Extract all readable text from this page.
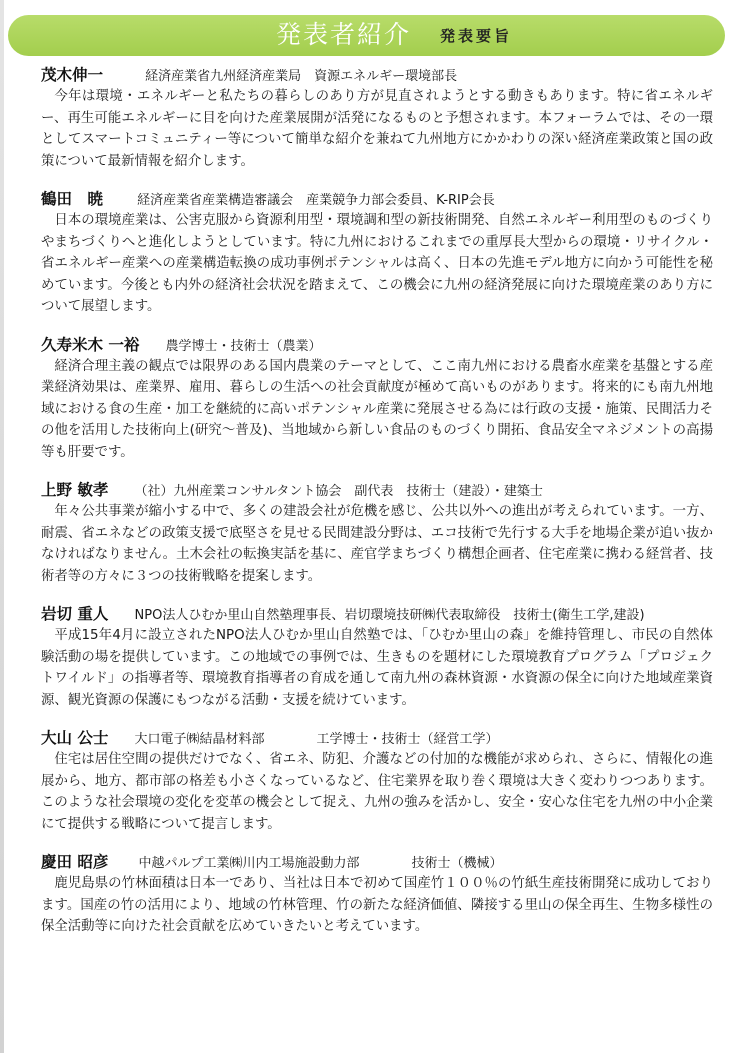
発表者紹介 発表要旨
茂木伸一	経済産業省九州経済産業局　資源エネルギー環境部長

今年は環境・エネルギーと私たちの暮らしのあり方が見直されようとする動きもあります。特に省エネルギー、再生可能エネルギーに目を向けた産業展開が活発になるものと予想されます。本フォーラムでは、その一環としてスマートコミュニティー等について簡単な紹介を兼ねて九州地方にかかわりの深い経済産業政策と国の政策について最新情報を紹介します。

鶴田　暁	経済産業省産業構造審議会　産業競争力部会委員、K-RIP会長

日本の環境産業は、公害克服から資源利用型・環境調和型の新技術開発、自然エネルギー利用型のものづくりやまちづくりへと進化しようとしています。特に九州におけるこれまでの重厚長大型からの環境・リサイクル・省エネルギー産業への産業構造転換の成功事例ポテンシャルは高く、日本の先進モデル地方に向かう可能性を秘めています。今後とも内外の経済社会状況を踏まえて、この機会に九州の経済発展に向けた環境産業のあり方について展望します。

久寿米木 一裕 農学博士・技術士（農業）

経済合理主義の観点では限界のある国内農業のテーマとして、ここ南九州における農畜水産業を基盤とする産業経済効果は、産業界、雇用、暮らしの生活への社会貢献度が極めて高いものがあります。将来的にも南九州地域における食の生産・加工を継続的に高いポテンシャル産業に発展させる為には行政の支援・施策、民間活力その他を活用した技術向上(研究～普及)、当地域から新しい食品のものづくり開拓、食品安全マネジメントの高揚等も肝要です。

上野 敏孝 （社）九州産業コンサルタント協会　副代表　技術士（建設）・建築士

年々公共事業が縮小する中で、多くの建設会社が危機を感じ、公共以外への進出が考えられています。一方、耐震、省エネなどの政策支援で底堅さを見せる民間建設分野は、エコ技術で先行する大手を地場企業が追い抜かなければなりません。土木会社の転換実話を基に、産官学まちづくり構想企画者、住宅産業に携わる経営者、技術者等の方々に３つの技術戦略を提案します。

岩切 重人 NPO法人ひむか里山自然塾理事長、岩切環境技研㈱代表取締役　技術士(衛生工学,建設)

平成15年4月に設立されたNPO法人ひむか里山自然塾では、「ひむか里山の森」を維持管理し、市民の自然体験活動の場を提供しています。この地域での事例では、生きものを題材にした環境教育プログラム「プロジェクトワイルド」の指導者等、環境教育指導者の育成を通して南九州の森林資源・水資源の保全に向けた地域産業資源、観光資源の保護にもつながる活動・支援を続けています。

大山 公士 大口電子㈱結晶材料部　　　　工学博士・技術士（経営工学）

住宅は居住空間の提供だけでなく、省エネ、防犯、介護などの付加的な機能が求められ、さらに、情報化の進展から、地方、都市部の格差も小さくなっているなど、住宅業界を取り巻く環境は大きく変わりつつあります。このような社会環境の変化を変革の機会として捉え、九州の強みを活かし、安全・安心な住宅を九州の中小企業にて提供する戦略について提言します。

慶田 昭彦 中越パルプ工業㈱川内工場施設動力部　　　　技術士（機械）

鹿児島県の竹林面積は日本一であり、当社は日本で初めて国産竹１００％の竹紙生産技術開発に成功しております。国産の竹の活用により、地域の竹林管理、竹の新たな経済価値、隣接する里山の保全再生、生物多様性の保全活動等に向けた社会貢献を広めていきたいと考えています。
